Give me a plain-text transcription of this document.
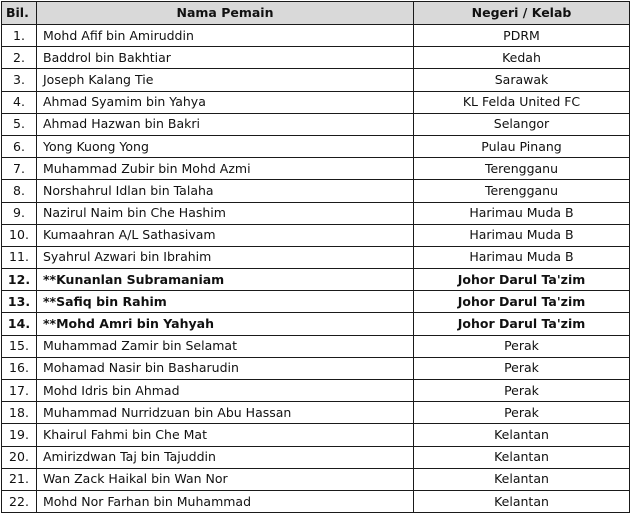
Bil.	Nama Pemain	Negeri / Kelab
1.	Mohd Afif bin Amiruddin	PDRM
2.	Baddrol bin Bakhtiar	Kedah
3.	Joseph Kalang Tie	Sarawak
4.	Ahmad Syamim bin Yahya	KL Felda United FC
5.	Ahmad Hazwan bin Bakri	Selangor
6.	Yong Kuong Yong	Pulau Pinang
7.	Muhammad Zubir bin Mohd Azmi	Terengganu
8.	Norshahrul Idlan bin Talaha	Terengganu
9.	Nazirul Naim bin Che Hashim	Harimau Muda B
10.	Kumaahran A/L Sathasivam	Harimau Muda B
11.	Syahrul Azwari bin Ibrahim	Harimau Muda B
12.	**Kunanlan Subramaniam	Johor Darul Ta'zim
13.	**Safiq bin Rahim	Johor Darul Ta'zim
14.	**Mohd Amri bin Yahyah	Johor Darul Ta'zim
15.	Muhammad Zamir bin Selamat	Perak
16.	Mohamad Nasir bin Basharudin	Perak
17.	Mohd Idris bin Ahmad	Perak
18.	Muhammad Nurridzuan bin Abu Hassan	Perak
19.	Khairul Fahmi bin Che Mat	Kelantan
20.	Amirizdwan Taj bin Tajuddin	Kelantan
21.	Wan Zack Haikal bin Wan Nor	Kelantan
22.	Mohd Nor Farhan bin Muhammad	Kelantan
